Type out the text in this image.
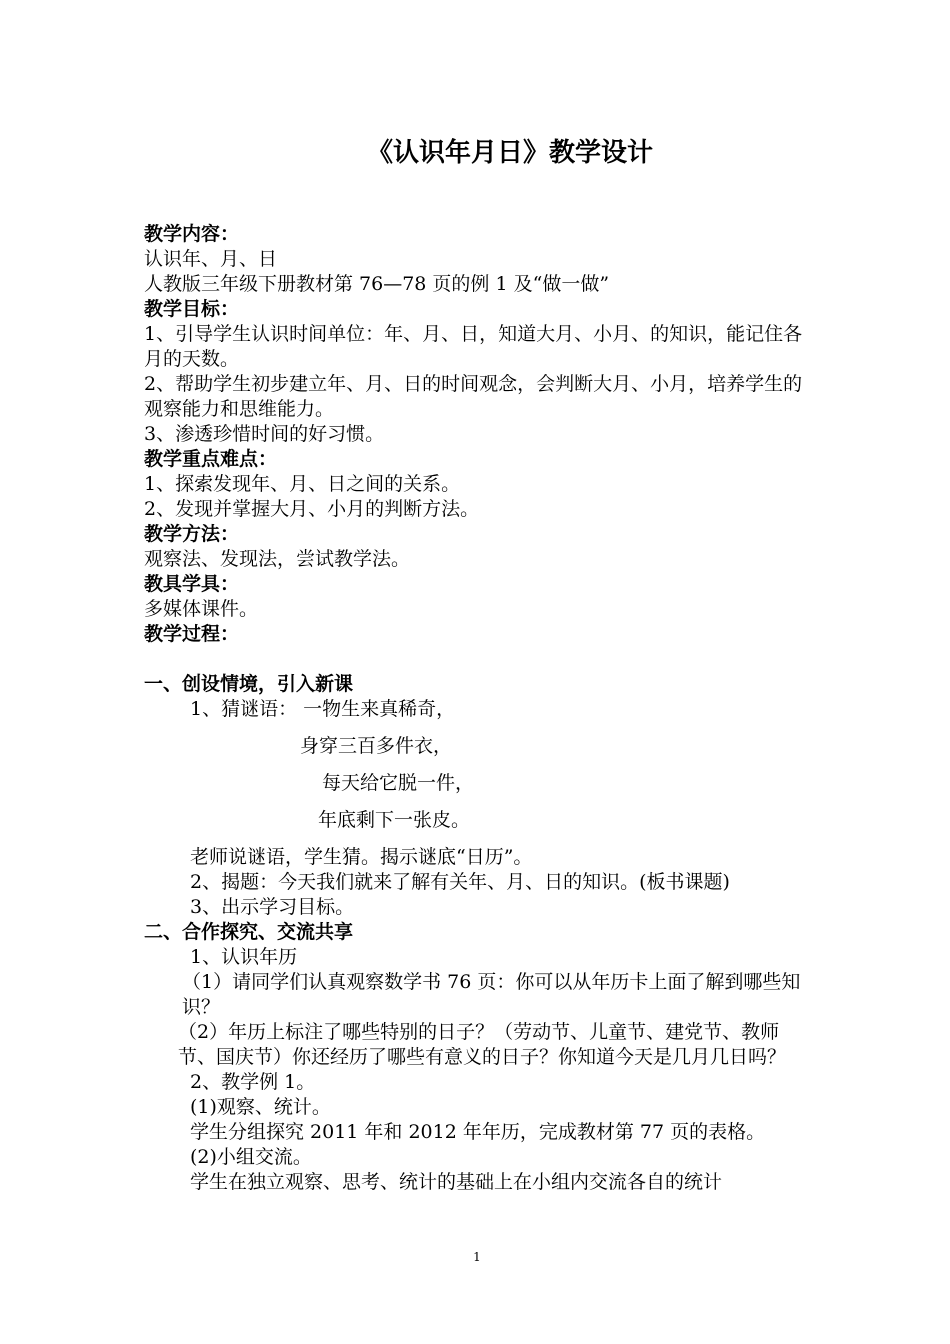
《认识年月日》教学设计

教学内容：

认识年、月、日

人教版三年级下册教材第 76—78 页的例 1 及“做一做”

教学目标：

1、引导学生认识时间单位：年、月、日，知道大月、小月、的知识，能记住各月的天数。

2、帮助学生初步建立年、月、日的时间观念，会判断大月、小月，培养学生的观察能力和思维能力。

3、渗透珍惜时间的好习惯。

教学重点难点：

1、探索发现年、月、日之间的关系。

2、发现并掌握大月、小月的判断方法。

教学方法：

观察法、发现法，尝试教学法。

教具学具：

多媒体课件。

教学过程：

一、创设情境，引入新课

1、猜谜语： 一物生来真稀奇，

身穿三百多件衣，

每天给它脱一件，

年底剩下一张皮。

老师说谜语，学生猜。揭示谜底“日历”。

2、揭题：今天我们就来了解有关年、月、日的知识。(板书课题)

3、出示学习目标。

二、合作探究、交流共享

1、认识年历

（1）请同学们认真观察数学书 76 页：你可以从年历卡上面了解到哪些知识？

（2）年历上标注了哪些特别的日子？（劳动节、儿童节、建党节、教师节、国庆节）你还经历了哪些有意义的日子？你知道今天是几月几日吗？

2、教学例 1。

(1)观察、统计。

学生分组探究 2011 年和 2012 年年历，完成教材第 77 页的表格。

(2)小组交流。

学生在独立观察、思考、统计的基础上在小组内交流各自的统计

1
